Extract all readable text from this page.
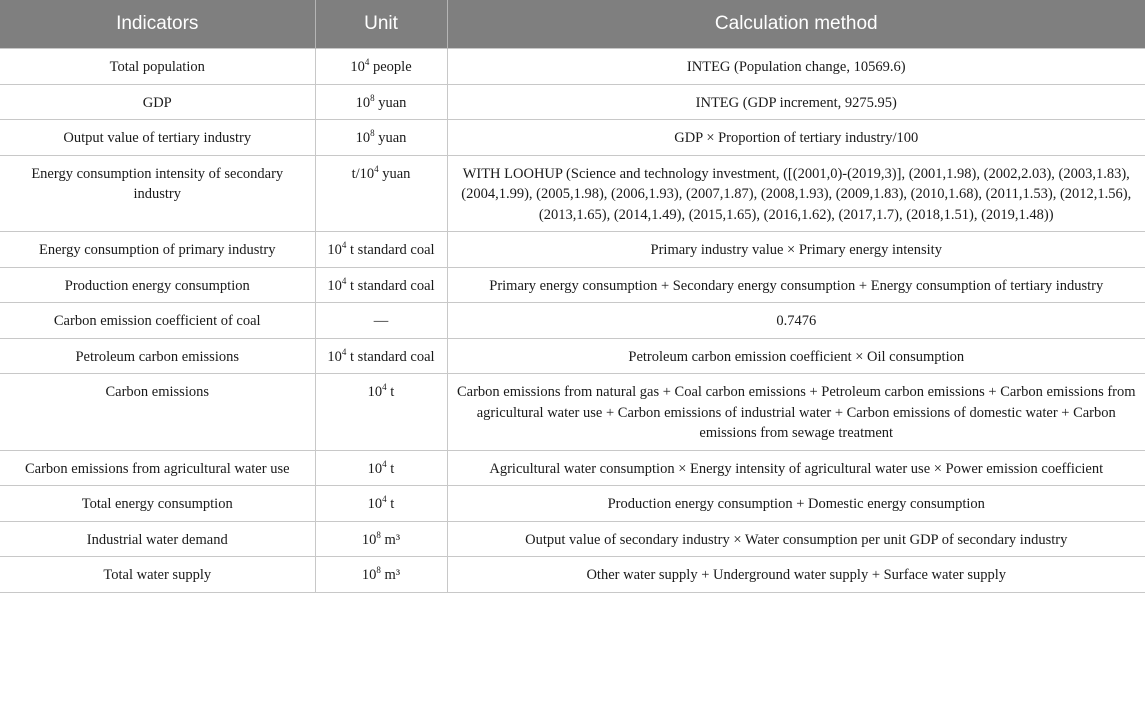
Indicators	Unit	Calculation method
Total population	$10^4$ people	INTEG (Population change, 10569.6)
GDP	$10^8$ yuan	INTEG (GDP increment, 9275.95)
Output value of tertiary industry	$10^8$ yuan	GDP × Proportion of tertiary industry/100
Energy consumption intensity of secondary industry	$t/10^4$ yuan	WITH LOOHUP (Science and technology investment, ([(2001,0)-(2019,3)], (2001,1.98), (2002,2.03), (2003,1.83), (2004,1.99), (2005,1.98), (2006,1.93), (2007,1.87), (2008,1.93), (2009,1.83), (2010,1.68), (2011,1.53), (2012,1.56), (2013,1.65), (2014,1.49), (2015,1.65), (2016,1.62), (2017,1.7), (2018,1.51), (2019,1.48))
Energy consumption of primary industry	$10^4$ t standard coal	Primary industry value × Primary energy intensity
Production energy consumption	$10^4$ t standard coal	Primary energy consumption + Secondary energy consumption + Energy consumption of tertiary industry
Carbon emission coefficient of coal	—	0.7476
Petroleum carbon emissions	$10^4$ t standard coal	Petroleum carbon emission coefficient × Oil consumption
Carbon emissions	$10^4$ t	Carbon emissions from natural gas + Coal carbon emissions + Petroleum carbon emissions + Carbon emissions from agricultural water use + Carbon emissions of industrial water + Carbon emissions of domestic water + Carbon emissions from sewage treatment
Carbon emissions from agricultural water use	$10^4$ t	Agricultural water consumption × Energy intensity of agricultural water use × Power emission coefficient
Total energy consumption	$10^4$ t	Production energy consumption + Domestic energy consumption
Industrial water demand	$10^8$ m³	Output value of secondary industry × Water consumption per unit GDP of secondary industry
Total water supply	$10^8$ m³	Other water supply + Underground water supply + Surface water supply
